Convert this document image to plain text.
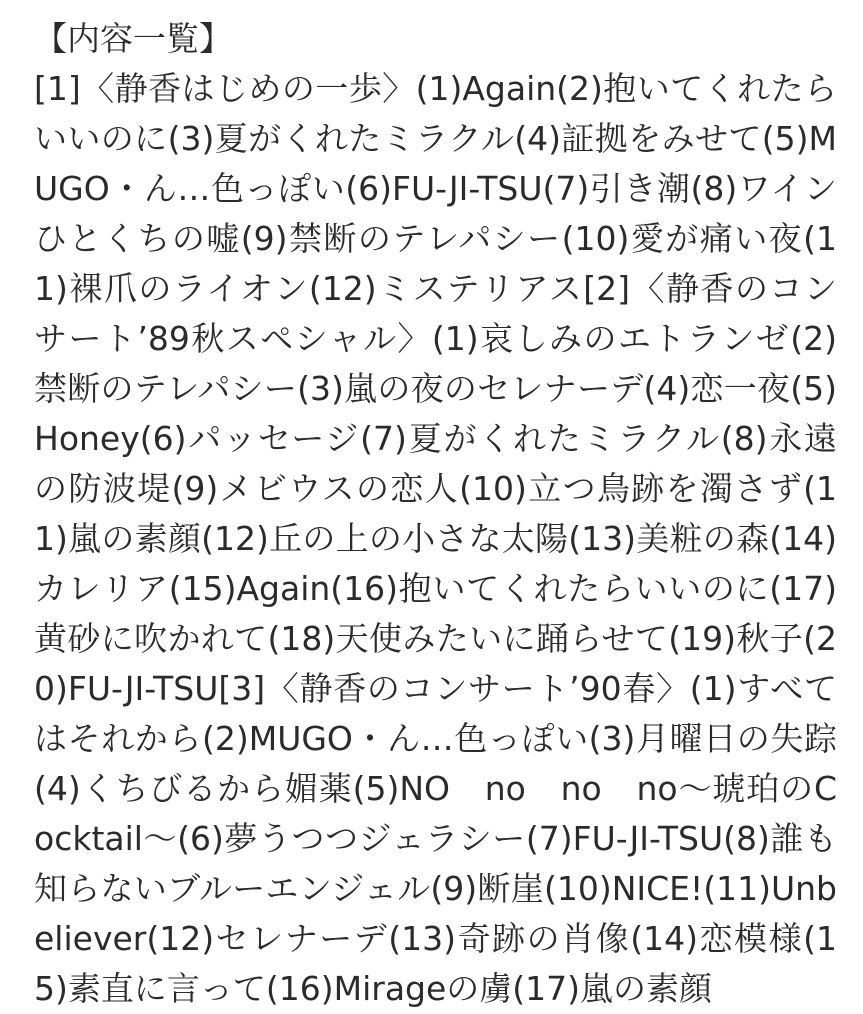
【内容一覧】
[1]〈静香はじめの一歩〉(1)Again(2)抱いてくれたらいいのに(3)夏がくれたミラクル(4)証拠をみせて(5)MUGO・ん…色っぽい(6)FU-JI-TSU(7)引き潮(8)ワインひとくちの嘘(9)禁断のテレパシー(10)愛が痛い夜(11)裸爪のライオン(12)ミステリアス[2]〈静香のコンサート’89秋スペシャル〉(1)哀しみのエトランゼ(2)禁断のテレパシー(3)嵐の夜のセレナーデ(4)恋一夜(5)Honey(6)パッセージ(7)夏がくれたミラクル(8)永遠の防波堤(9)メビウスの恋人(10)立つ鳥跡を濁さず(11)嵐の素顔(12)丘の上の小さな太陽(13)美粧の森(14)カレリア(15)Again(16)抱いてくれたらいいのに(17)黄砂に吹かれて(18)天使みたいに踊らせて(19)秋子(20)FU-JI-TSU[3]〈静香のコンサート’90春〉(1)すべてはそれから(2)MUGO・ん…色っぽい(3)月曜日の失踪(4)くちびるから媚薬(5)NO　no　no　no〜琥珀のCocktail〜(6)夢うつつジェラシー(7)FU-JI-TSU(8)誰も知らないブルーエンジェル(9)断崖(10)NICE!(11)Unbeliever(12)セレナーデ(13)奇跡の肖像(14)恋模様(15)素直に言って(16)Mirageの虜(17)嵐の素顔
